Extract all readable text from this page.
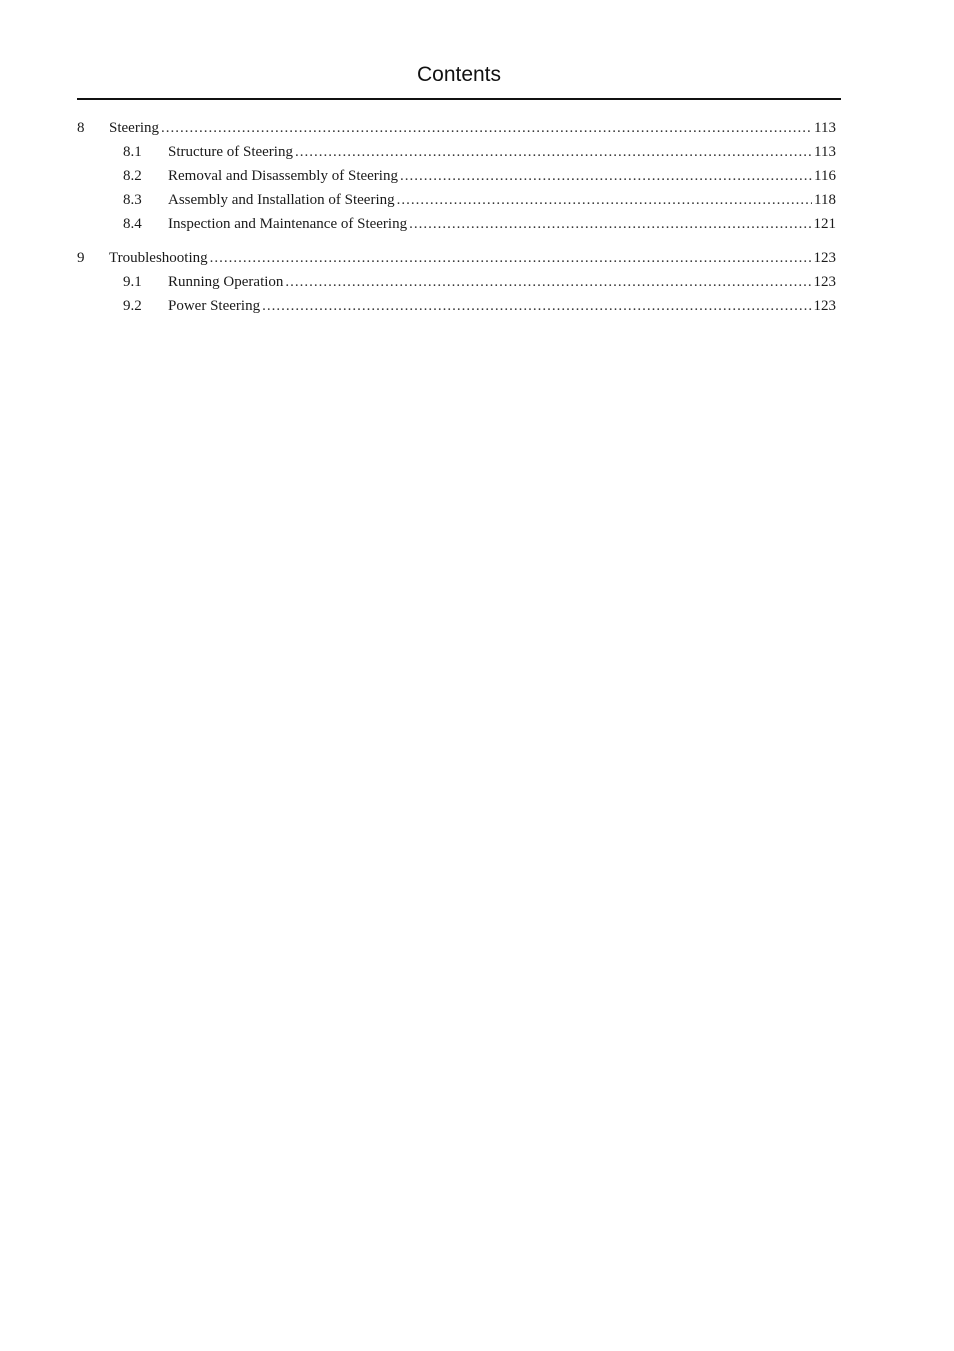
Contents
8 Steering .....	113
8.1 Structure of Steering .....	113
8.2 Removal and Disassembly of Steering .....	116
8.3 Assembly and Installation of Steering .....	118
8.4 Inspection and Maintenance of Steering .....	121
9 Troubleshooting .....	123
9.1 Running Operation .....	123
9.2 Power Steering .....	123
